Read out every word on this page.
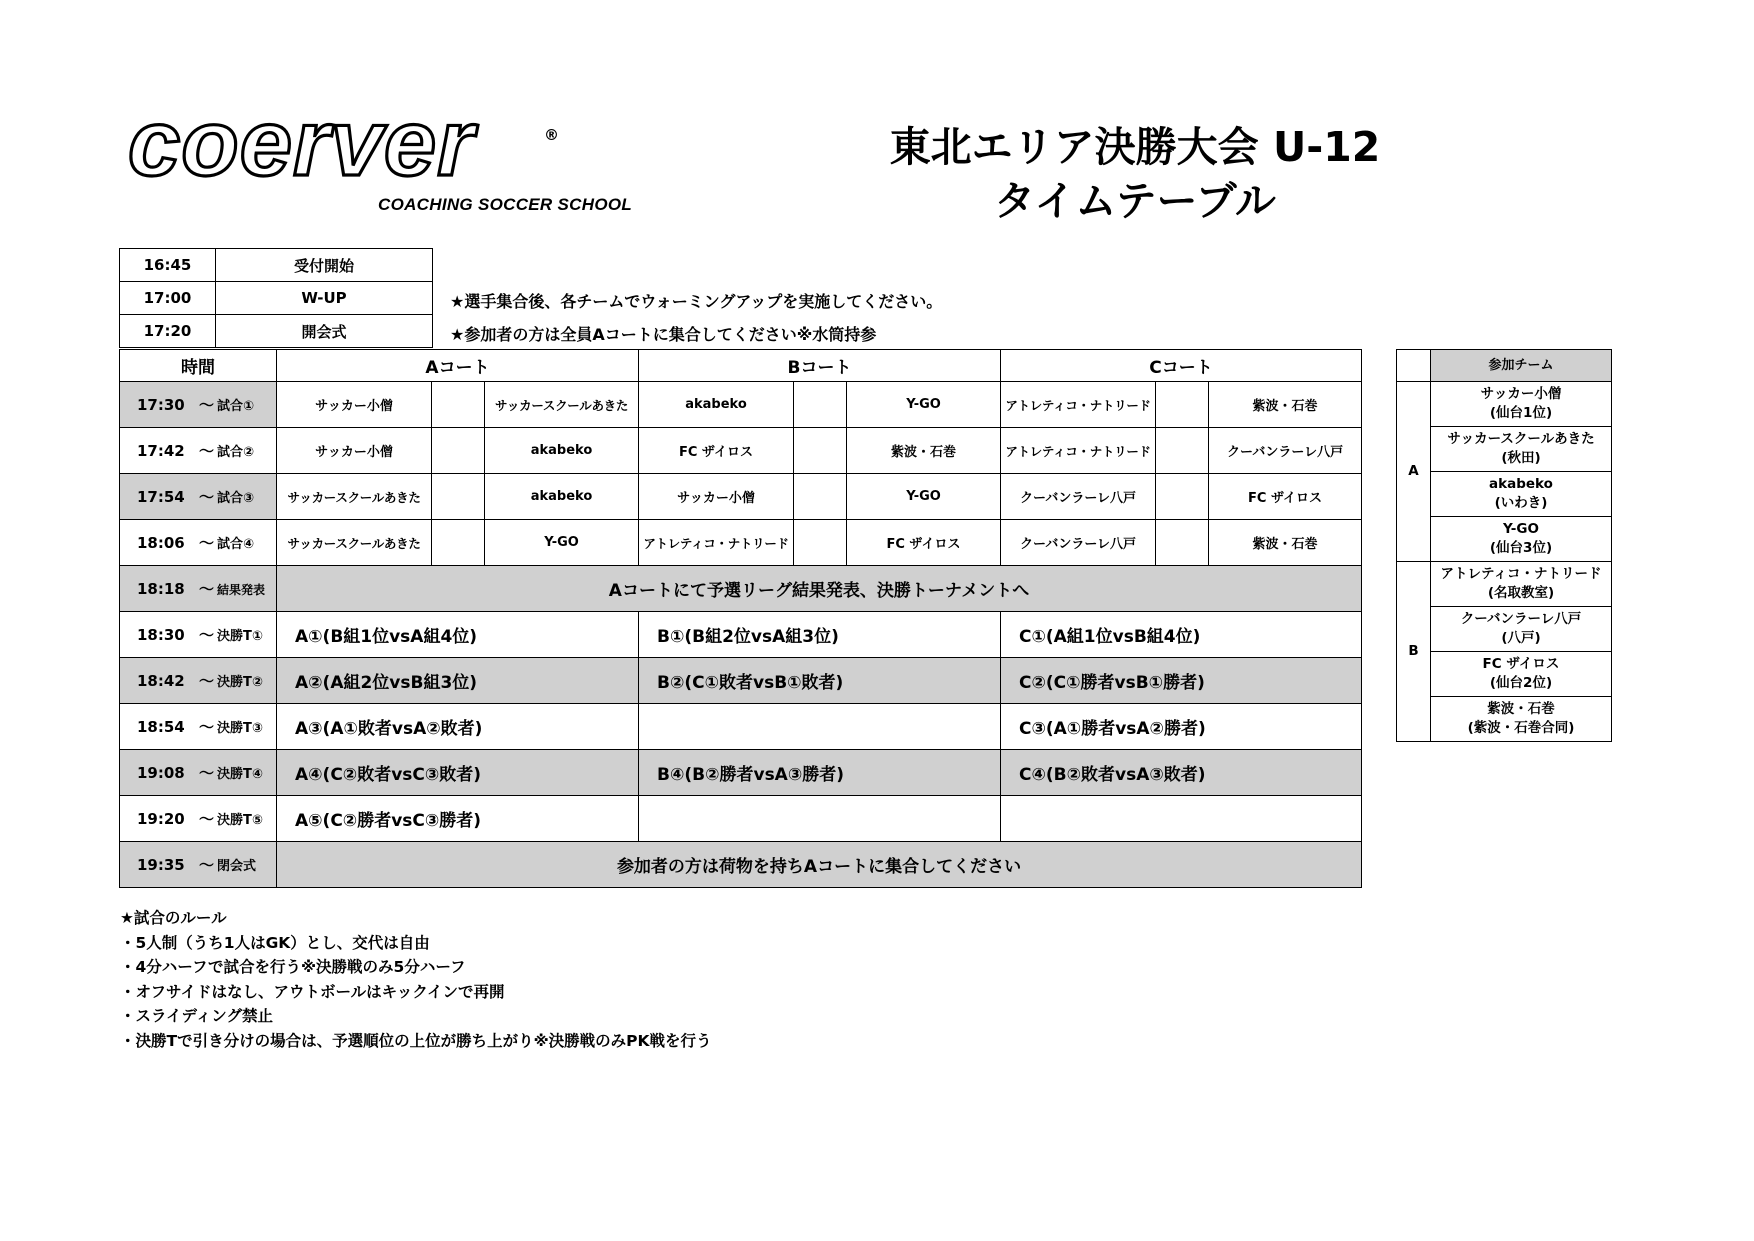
coerver	®
COACHING SOCCER SCHOOL
東北エリア決勝大会 U-12
タイムテーブル
16:45	受付開始
17:00	W-UP
17:20	開会式
★選手集合後、各チームでウォーミングアップを実施してください。
★参加者の方は全員Aコートに集合してください※水筒持参
時間	Aコート			Bコート			Cコート		
17:30 ～ 試合①	サッカー小僧		サッカースクールあきた	akabeko		Y-GO	アトレティコ・ナトリード		紫波・石巻
17:42 ～ 試合②	サッカー小僧		akabeko	FC ザイロス		紫波・石巻	アトレティコ・ナトリード		クーバンラーレ八戸
17:54 ～ 試合③	サッカースクールあきた		akabeko	サッカー小僧		Y-GO	クーバンラーレ八戸		FC ザイロス
18:06 ～ 試合④	サッカースクールあきた		Y-GO	アトレティコ・ナトリード		FC ザイロス	クーバンラーレ八戸		紫波・石巻
18:18 ～ 結果発表	Aコートにて予選リーグ結果発表、決勝トーナメントへ								
18:30 ～ 決勝T①	A①(B組1位vsA組4位)			B①(B組2位vsA組3位)			C①(A組1位vsB組4位)		
18:42 ～ 決勝T②	A②(A組2位vsB組3位)			B②(C①敗者vsB①敗者)			C②(C①勝者vsB①勝者)		
18:54 ～ 決勝T③	A③(A①敗者vsA②敗者)						C③(A①勝者vsA②勝者)		
19:08 ～ 決勝T④	A④(C②敗者vsC③敗者)			B④(B②勝者vsA③勝者)			C④(B②敗者vsA③敗者)		
19:20 ～ 決勝T⑤	A⑤(C②勝者vsC③勝者)								
19:35 ～ 閉会式	参加者の方は荷物を持ちAコートに集合してください								
	参加チーム
A	サッカー小僧
(仙台1位)

	サッカースクールあきた
(秋田)

	akabeko
(いわき)

	Y-GO
(仙台3位)

B	アトレティコ・ナトリード
(名取教室)

	クーバンラーレ八戸
(八戸)

	FC ザイロス
(仙台2位)

	紫波・石巻
(紫波・石巻合同)
★試合のルール
・5人制（うち1人はGK）とし、交代は自由
・4分ハーフで試合を行う※決勝戦のみ5分ハーフ
・オフサイドはなし、アウトボールはキックインで再開
・スライディング禁止
・決勝Tで引き分けの場合は、予選順位の上位が勝ち上がり※決勝戦のみPK戦を行う
